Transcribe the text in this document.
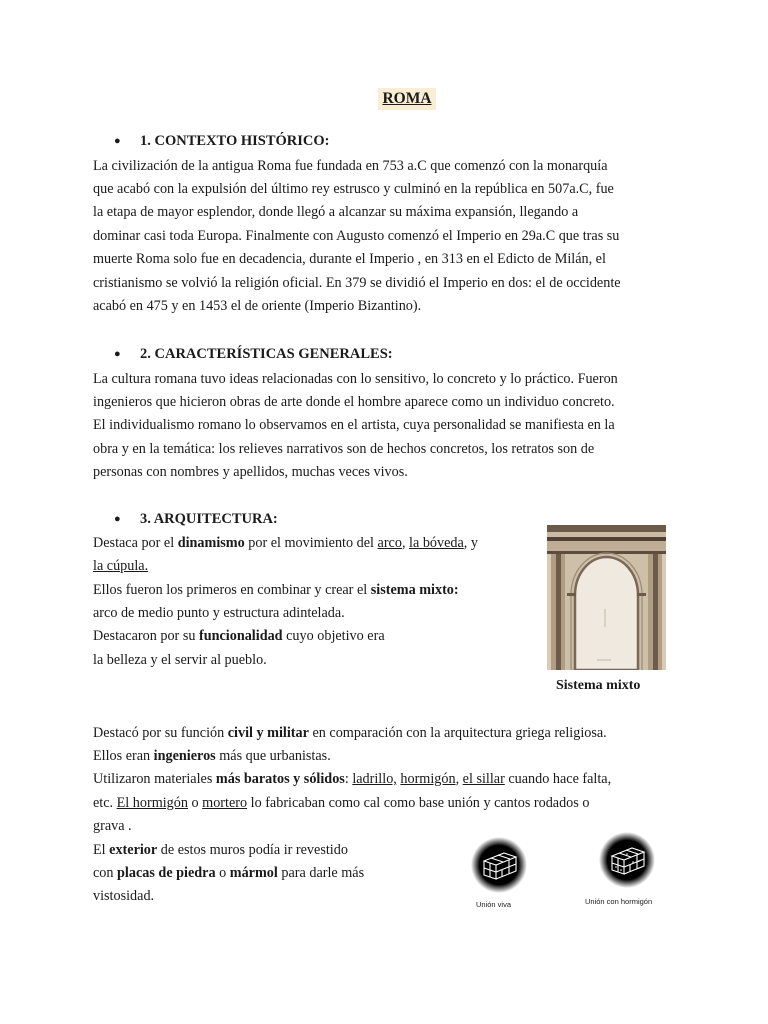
ROMA
● 1. CONTEXTO HISTÓRICO:
La civilización de la antigua Roma fue fundada en 753 a.C que comenzó con la monarquía
que acabó con la expulsión del último rey estrusco y culminó en la república en 507a.C, fue
la etapa de mayor esplendor, donde llegó a alcanzar su máxima expansión, llegando a
dominar casi toda Europa. Finalmente con Augusto comenzó el Imperio en 29a.C que tras su
muerte Roma solo fue en decadencia, durante el Imperio , en 313 en el Edicto de Milán, el
cristianismo se volvió la religión oficial. En 379 se dividió el Imperio en dos: el de occidente
acabó en 475 y en 1453 el de oriente (Imperio Bizantino).
● 2. CARACTERÍSTICAS GENERALES:
La cultura romana tuvo ideas relacionadas con lo sensitivo, lo concreto y lo práctico. Fueron
ingenieros que hicieron obras de arte donde el hombre aparece como un individuo concreto.
El individualismo romano lo observamos en el artista, cuya personalidad se manifiesta en la
obra y en la temática: los relieves narrativos son de hechos concretos, los retratos son de
personas con nombres y apellidos, muchas veces vivos.
● 3. ARQUITECTURA:
Destaca por el dinamismo por el movimiento del arco, la bóveda, y
la cúpula.
Ellos fueron los primeros en combinar y crear el sistema mixto:
arco de medio punto y estructura adintelada.
Destacaron por su funcionalidad cuyo objetivo era
la belleza y el servir al pueblo.
Sistema mixto
Destacó por su función civil y militar en comparación con la arquitectura griega religiosa.
Ellos eran ingenieros más que urbanistas.
Utilizaron materiales más baratos y sólidos: ladrillo, hormigón, el sillar cuando hace falta,
etc. El hormigón o mortero lo fabricaban como cal como base unión y cantos rodados o
grava .
El exterior de estos muros podía ir revestido
con placas de piedra o mármol para darle más
vistosidad.
Unión viva	Unión con hormigón
